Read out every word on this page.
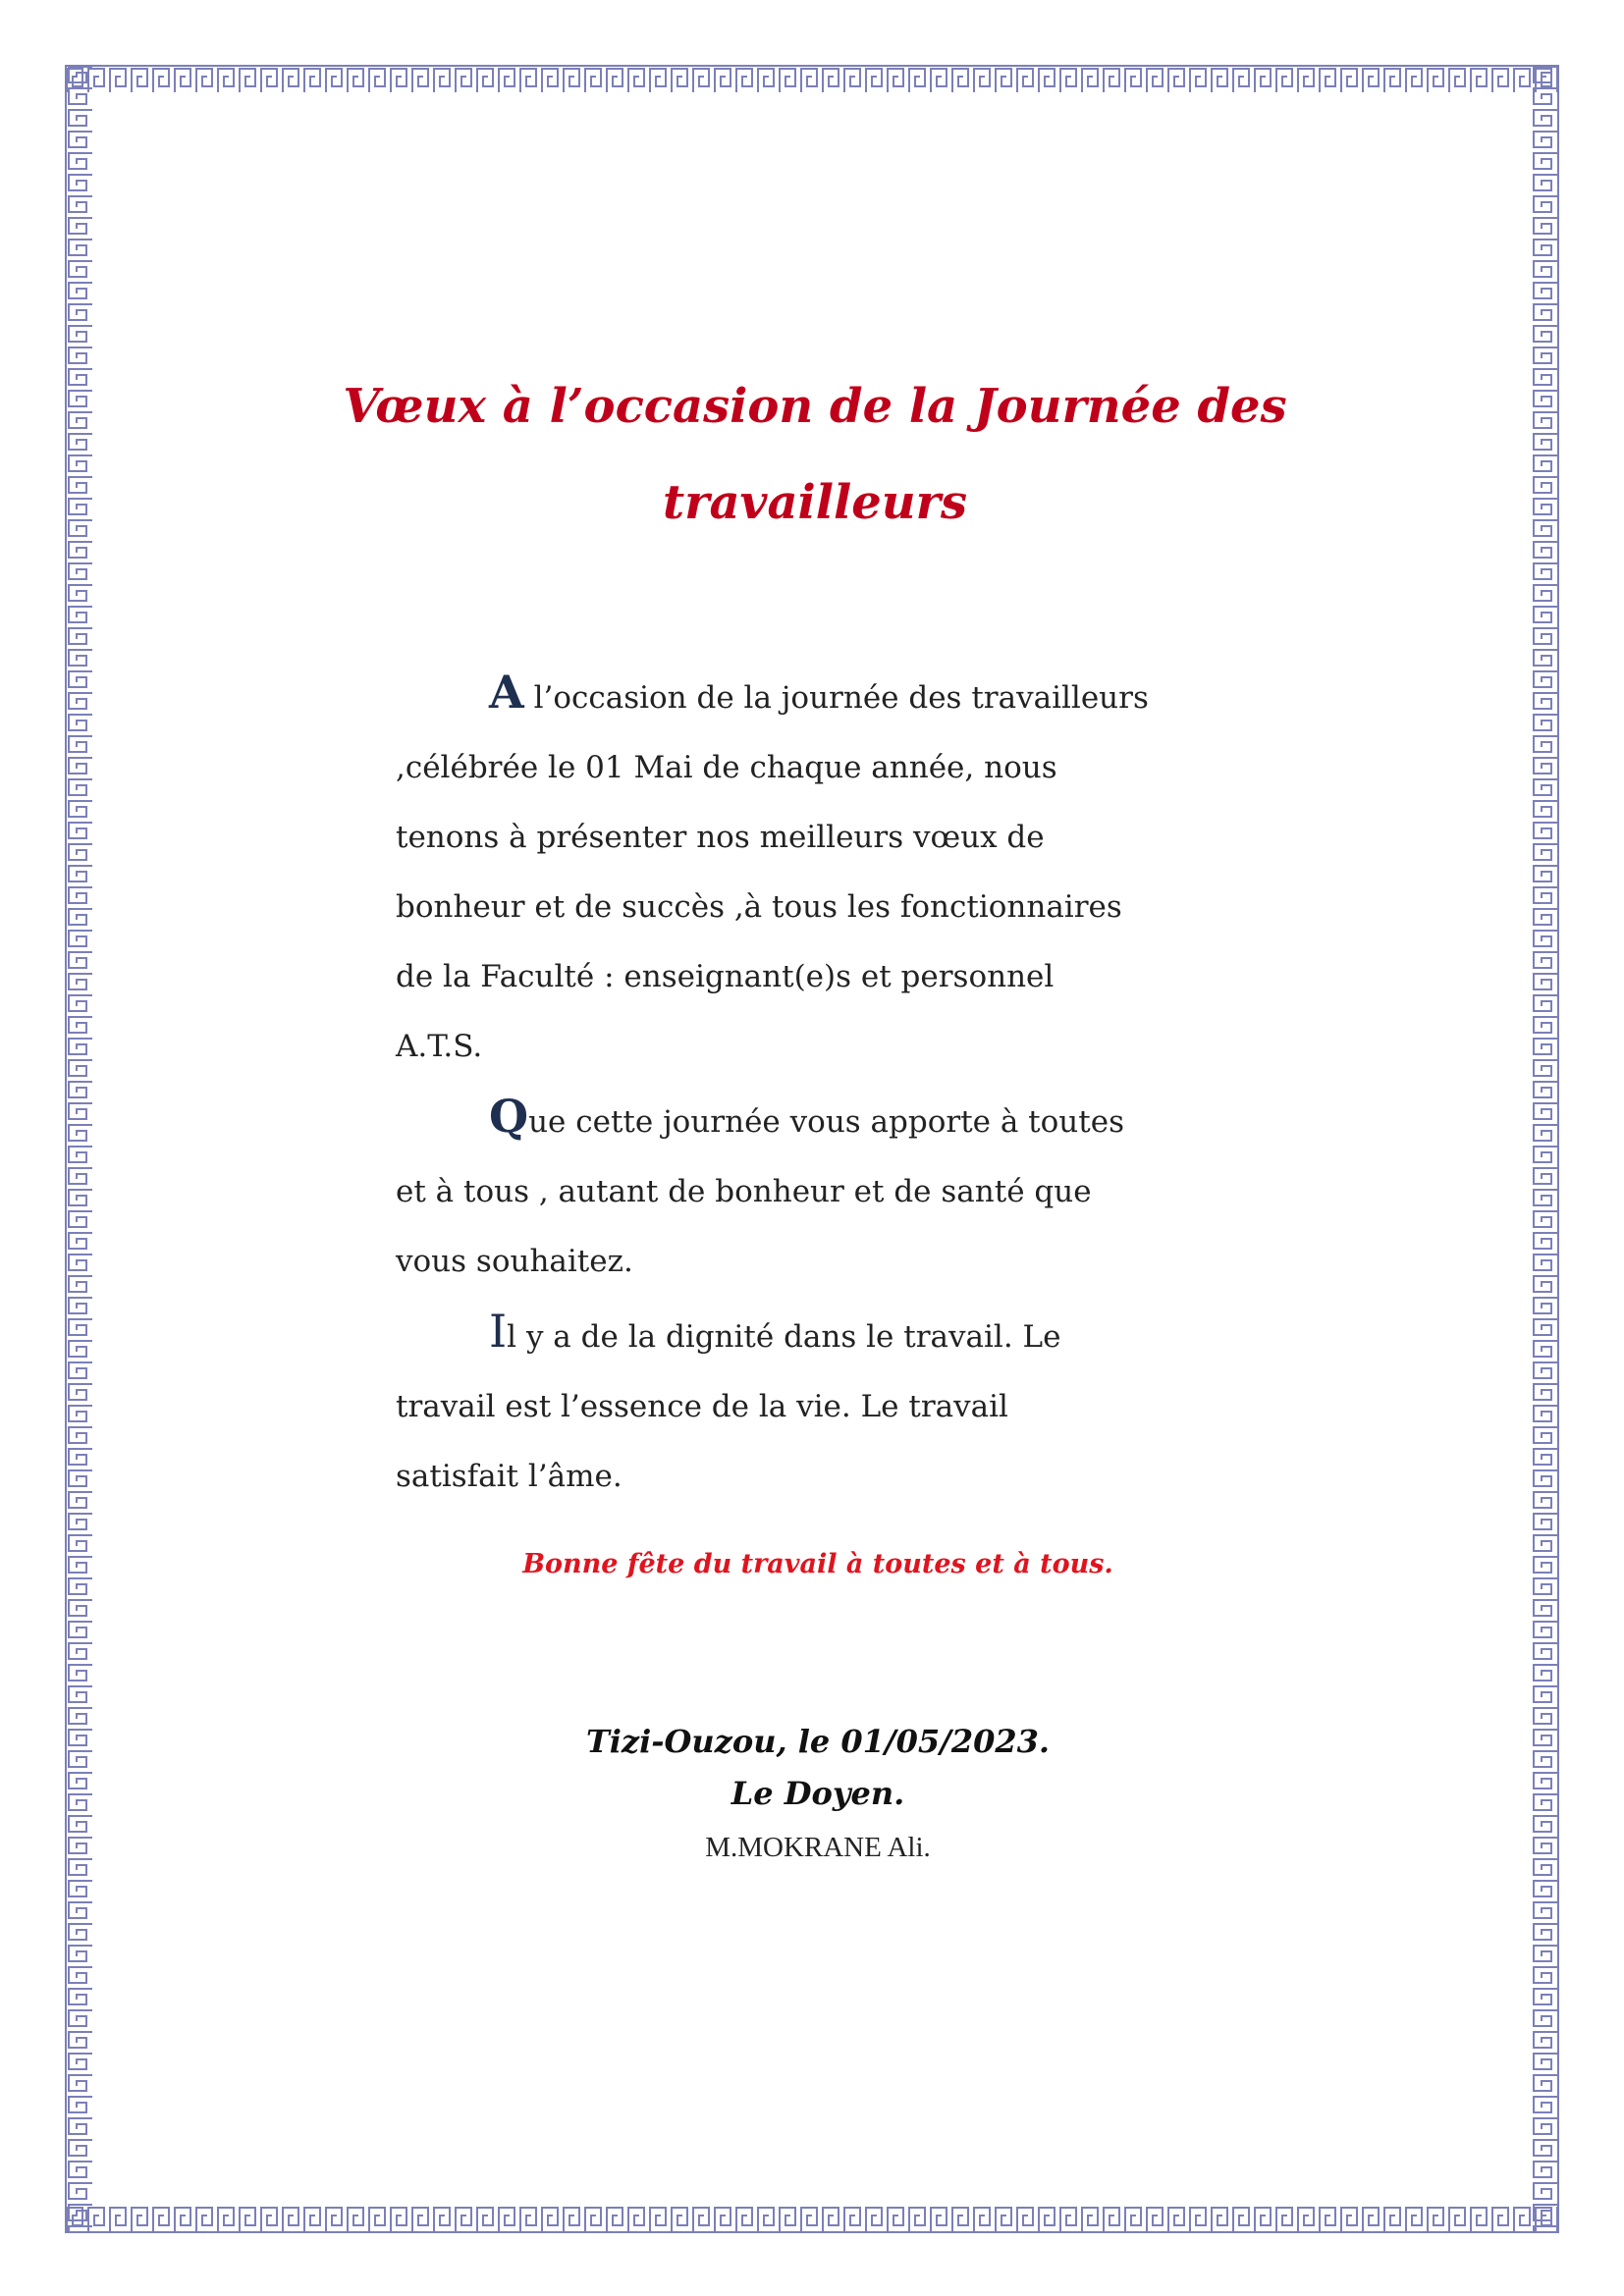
Vœux à l’occasion de la Journée des
travailleurs
A l’occasion de la journée des travailleurs
,célébrée le 01 Mai de chaque année, nous
tenons à présenter nos meilleurs vœux de
bonheur et de succès ,à tous les fonctionnaires
de la Faculté : enseignant(e)s et personnel
A.T.S.
Que cette journée vous apporte à toutes
et à tous , autant de bonheur et de santé que
vous souhaitez.
Il y a de la dignité dans le travail. Le
travail est l’essence de la vie. Le travail
satisfait l’âme.
Bonne fête du travail à toutes et à tous.
Tizi-Ouzou, le 01/05/2023.
Le Doyen.
M.MOKRANE Ali.
